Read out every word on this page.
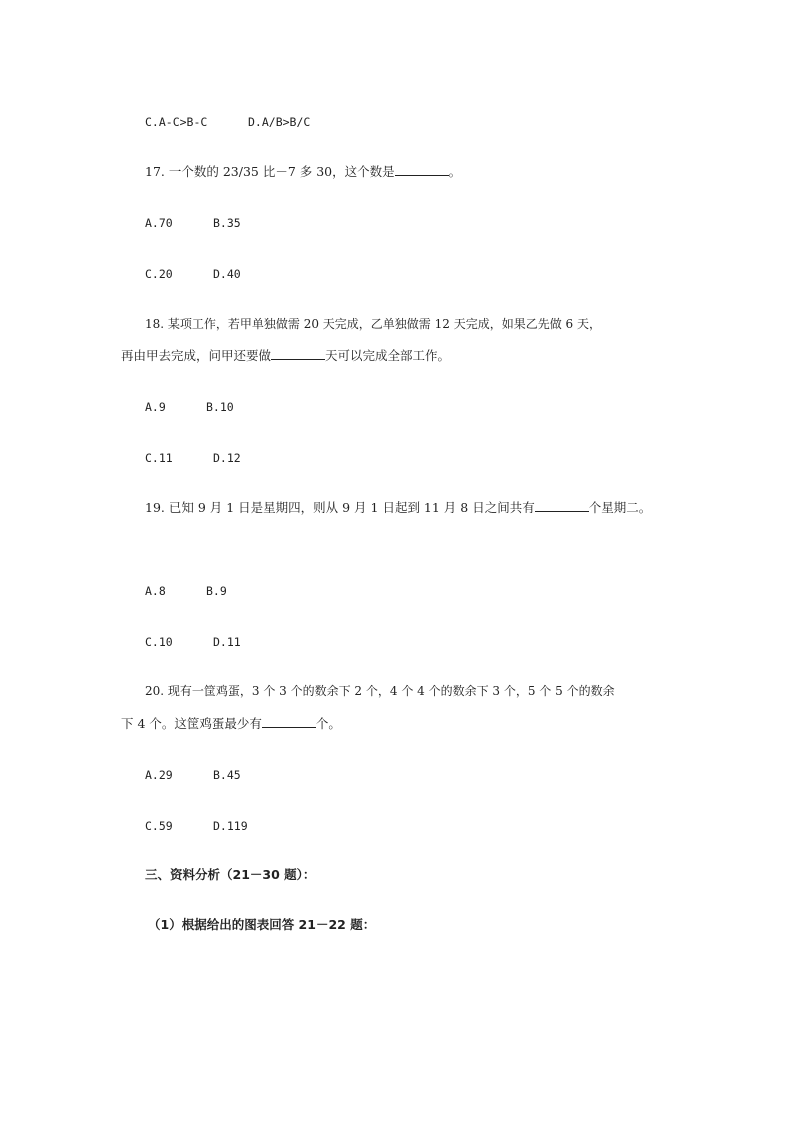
C.A-C>B-C	D.A/B>B/C
17. 一个数的 23/35 比－7 多 30，这个数是	。
A.70	B.35
C.20	D.40
18. 某项工作，若甲单独做需 20 天完成，乙单独做需 12 天完成，如果乙先做 6 天，
再由甲去完成，问甲还要做	天可以完成全部工作。
A.9	B.10
C.11	D.12
19. 已知 9 月 1 日是星期四，则从 9 月 1 日起到 11 月 8 日之间共有	个星期二。
A.8	B.9
C.10	D.11
20. 现有一筐鸡蛋，3 个 3 个的数余下 2 个，4 个 4 个的数余下 3 个，5 个 5 个的数余
下 4 个。这筐鸡蛋最少有	个。
A.29	B.45
C.59	D.119
三、资料分析（21－30 题）：
（1）根据给出的图表回答 21－22 题：
